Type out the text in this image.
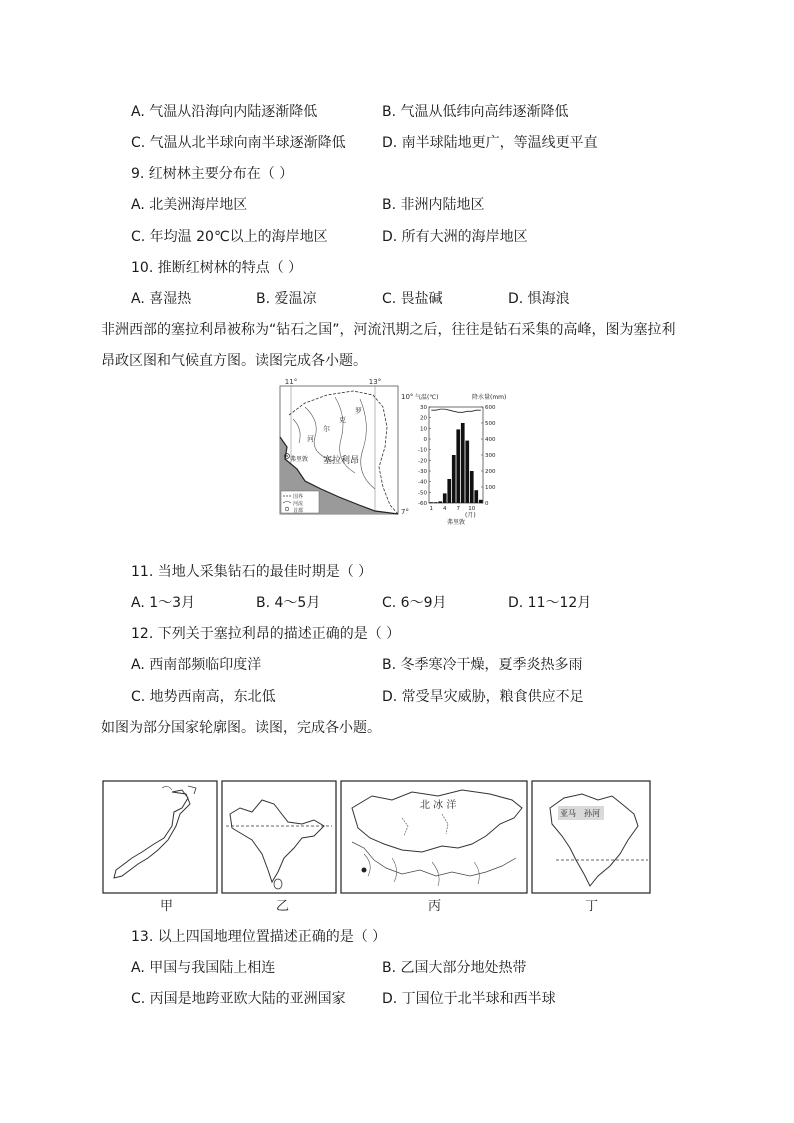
A. 气温从沿海向内陆逐渐降低	B. 气温从低纬向高纬逐渐降低
C. 气温从北半球向南半球逐渐降低	D. 南半球陆地更广，等温线更平直
9. 红树林主要分布在（ ）
A. 北美洲海岸地区	B. 非洲内陆地区
C. 年均温 20℃以上的海岸地区	D. 所有大洲的海岸地区
10. 推断红树林的特点（ ）
A. 喜湿热	B. 爱温凉	C. 畏盐碱	D. 惧海浪
非洲西部的塞拉利昂被称为“钻石之国”，河流汛期之后，往往是钻石采集的高峰，图为塞拉利
昂政区图和气候直方图。读图完成各小题。
11°	13°
10°
7°
河
尔
克
罗
塞拉利昂
弗里敦
国界
河流
首都
气温(℃)	降水量(mm)
30
20
10
0
-10
-20
-30
-40
-50
-60
600
500
400
300
200
100
0
1 4 7 10
(月)
弗里敦
11. 当地人采集钻石的最佳时期是（ ）
A. 1～3月	B. 4～5月	C. 6～9月	D. 11～12月
12. 下列关于塞拉利昂的描述正确的是（ ）
A. 西南部频临印度洋	B. 冬季寒冷干燥，夏季炎热多雨
C. 地势西南高，东北低	D. 常受旱灾威胁，粮食供应不足
如图为部分国家轮廓图。读图，完成各小题。
甲	乙
北 冰 洋
丙
亚马 孙河
丁
13. 以上四国地理位置描述正确的是（ ）
A. 甲国与我国陆上相连	B. 乙国大部分地处热带
C. 丙国是地跨亚欧大陆的亚洲国家	D. 丁国位于北半球和西半球
